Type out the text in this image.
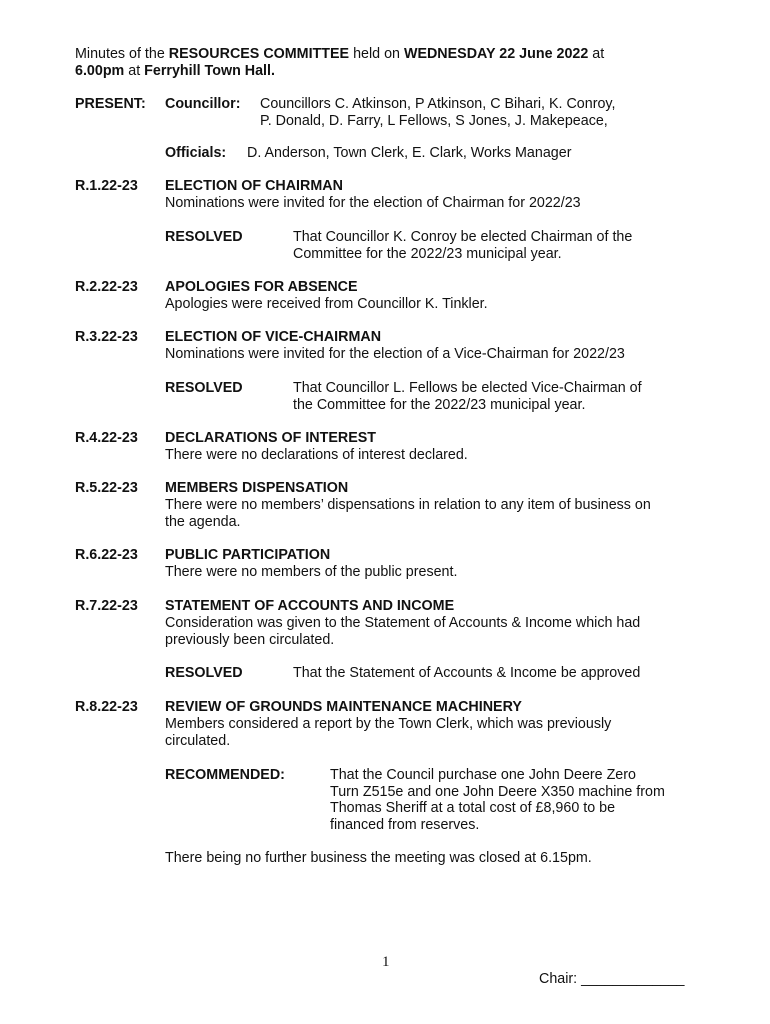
Minutes of the RESOURCES COMMITTEE held on WEDNESDAY 22 June 2022 at
6.00pm at Ferryhill Town Hall.
PRESENT: Councillor: Councillors C. Atkinson, P Atkinson, C Bihari, K. Conroy,
P. Donald, D. Farry, L Fellows, S Jones, J. Makepeace,
Officials: D. Anderson, Town Clerk, E. Clark, Works Manager
R.1.22-23 ELECTION OF CHAIRMAN
Nominations were invited for the election of Chairman for 2022/23
RESOLVED	That Councillor K. Conroy be elected Chairman of the
Committee for the 2022/23 municipal year.
R.2.22-23 APOLOGIES FOR ABSENCE
Apologies were received from Councillor K. Tinkler.
R.3.22-23 ELECTION OF VICE-CHAIRMAN
Nominations were invited for the election of a Vice-Chairman for 2022/23
RESOLVED	That Councillor L. Fellows be elected Vice-Chairman of
the Committee for the 2022/23 municipal year.
R.4.22-23 DECLARATIONS OF INTEREST
There were no declarations of interest declared.
R.5.22-23 MEMBERS DISPENSATION
There were no members’ dispensations in relation to any item of business on
the agenda.
R.6.22-23 PUBLIC PARTICIPATION
There were no members of the public present.
R.7.22-23 STATEMENT OF ACCOUNTS AND INCOME
Consideration was given to the Statement of Accounts & Income which had
previously been circulated.
RESOLVED	That the Statement of Accounts & Income be approved
R.8.22-23 REVIEW OF GROUNDS MAINTENANCE MACHINERY
Members considered a report by the Town Clerk, which was previously
circulated.
RECOMMENDED:	That the Council purchase one John Deere Zero
Turn Z515e and one John Deere X350 machine from
Thomas Sheriff at a total cost of £8,960 to be
financed from reserves.
There being no further business the meeting was closed at 6.15pm.
1
Chair: _____________
